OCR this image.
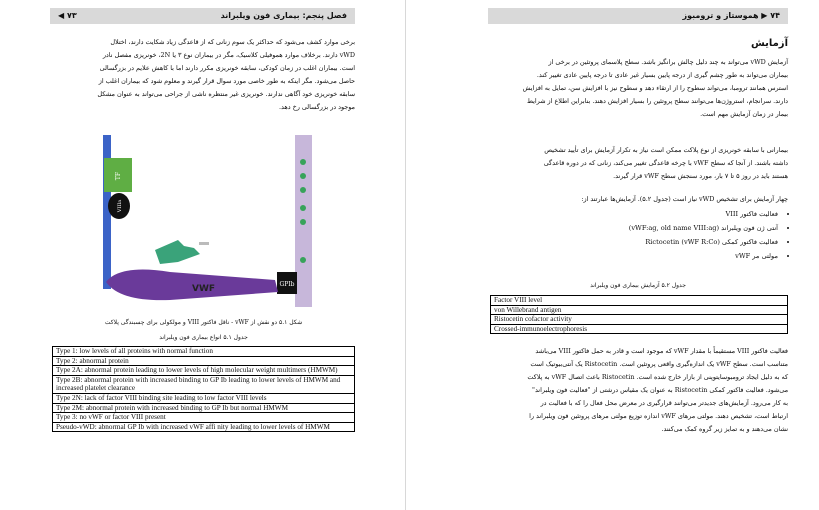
فصل پنجم: بیماری فون ویلبراند
۷۳ ◀
برخی موارد کشف می‌شود که حداکثر یک سوم زنانی که از قاعدگی زیاد شکایت دارند، اختلال
vWD دارند. برخلاف موارد هموفیلی کلاسیک، مگر در بیماران نوع ۳ یا 2N، خونریزی مفصل نادر
است. بیماران اغلب در زمان کودکی، سابقه خونریزی مکرر دارند اما با کاهش علایم در بزرگسالی
حاصل می‌شود. مگر اینکه به طور خاصی مورد سوال قرار گیرند و معلوم شود که بیماران اغلب از
سابقه خونریزی خود آگاهی ندارند. خونریزی غیر منتظره ناشی از جراحی می‌تواند به عنوان مشکل
موجود در بزرگسالی رخ دهد.
TF
VIIIa
GPIb
VWF
شکل ۵.۱ دو نقش از vWF - ناقل فاکتور VIII و مولکولی برای چسبندگی پلاکت
جدول ۵.۱ انواع بیماری فون ویلبراند
Type 1: low levels of all proteins with normal function
Type 2: abnormal protein
Type 2A: abnormal protein leading to lower levels of high molecular weight multimers (HMWM)
Type 2B: abnormal protein with increased binding to GP Ib leading to lower levels of HMWM and increased platelet clearance
Type 2N: lack of factor VIII binding site leading to low factor VIII levels
Type 2M: abnormal protein with increased binding to GP Ib but normal HMWM
Type 3: no vWF or factor VIII present
Pseudo-vWD: abnormal GP Ib with increased vWF affi nity leading to lower levels of HMWM
۷۴ ▶ هموستاز و ترومبوز
آزمایش
آزمایش vWD می‌تواند به چند دلیل چالش برانگیز باشد. سطح پلاسمای پروتئین در برخی از
بیماران می‌تواند به طور چشم گیری از درجه پایین بسیار غیر عادی تا درجه پایین عادی تغییر کند.
استرس همانند ترومبا، می‌تواند سطوح را از ارتقاء دهد و سطوح نیز با افزایش سن، تمایل به افزایش
دارند. سرانجام، استروژن‌ها می‌توانند سطح پروتئین را بسیار افزایش دهند. بنابراین اطلاع از شرایط
بیمار در زمان آزمایش مهم است.
بیمارانی با سابقه خونریزی از نوع پلاکت ممکن است نیاز به تکرار آزمایش برای تأیید تشخیص
داشته باشند. از آنجا که سطح vWF با چرخه قاعدگی تغییر می‌کند، زنانی که در دوره قاعدگی
هستند باید در روز ۵ تا ۷ بار، مورد سنجش سطح vWF قرار گیرند.
چهار آزمایش برای تشخیص vWD نیاز است (جدول ۵.۲). آزمایش‌ها عبارتند از:
• فعالیت فاکتور VIII
• آنتی ژن فون ویلبراند (vWF:ag, old name VIII:ag)
• فعالیت فاکتور کمکی Rictocetin (vWF R:Co)
• مولتی مر vWF
جدول ۵.۲ آزمایش بیماری فون ویلبراند
Factor VIII level
von Willebrand antigen
Ristocetin cofactor activity
Crossed-immunoelectrophoresis
فعالیت فاکتور VIII مستقیماً با مقدار vWF که موجود است و قادر به حمل فاکتور VIII می‌باشد
متناسب است. سطح vWF یک اندازه‌گیری واقعی پروتئین است. Ristocetin یک آنتی‌بیوتیک است
که به دلیل ایجاد ترومبوسایتوپنی از بازار خارج شده است. Ristocetin باعث اتصال vWF به پلاکت
می‌شود. فعالیت فاکتور کمکی Ristocetin به عنوان یک مقیاس درشتی از "فعالیت فون ویلبراند"
به کار می‌رود. آزمایش‌های جدیدتر می‌توانند قرارگیری در معرض محل فعال را که با فعالیت در
ارتباط است، تشخیص دهند. مولتی مرهای vWF اندازه توزیع مولتی مرهای پروتئین فون ویلبراند را
نشان می‌دهند و به تمایز زیر گروه کمک می‌کنند.
